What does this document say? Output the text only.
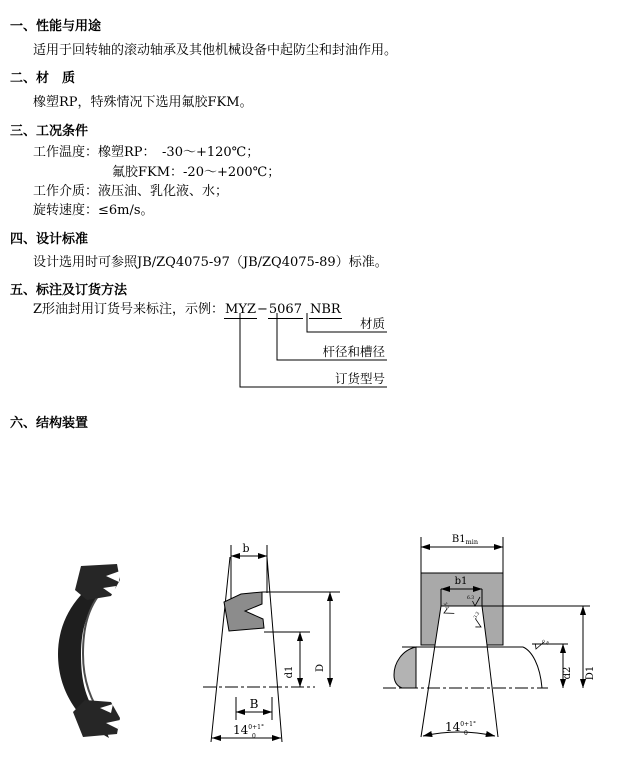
一、性能与用途
适用于回转轴的滚动轴承及其他机械设备中起防尘和封油作用。
二、材　质
橡塑RP，特殊情况下选用氟胶FKM。
三、工况条件
工作温度：橡塑RP：　-30～+120℃；
氟胶FKM：-20～+200℃；
工作介质：液压油、乳化液、水；
旋转速度：≤6m/s。
四、设计标准
设计选用时可参照JB/ZQ4075-97（JB/ZQ4075-89）标准。
五、标注及订货方法
Z形油封用订货号来标注，示例：MYZ−5067 NBR
六、结构装置
材质
杆径和槽径
订货型号
b
d1 D
B
$14^{0+1^\circ}$ 0
3.2
6.3
3.2
0.8
$B1_{min}$
b1
d2 D1
$14^{0+1^\circ}$ 0
